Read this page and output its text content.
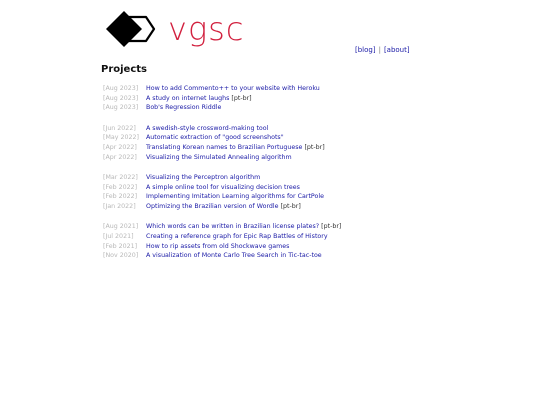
vgsc
[blog] | [about]
Projects
[Aug 2023] How to add Commento++ to your website with Heroku
[Aug 2023] A study on internet laughs [pt-br]
[Aug 2023] Bob's Regression Riddle
[Jun 2022] A swedish-style crossword-making tool
[May 2022] Automatic extraction of "good screenshots"
[Apr 2022] Translating Korean names to Brazilian Portuguese [pt-br]
[Apr 2022] Visualizing the Simulated Annealing algorithm
[Mar 2022] Visualizing the Perceptron algorithm
[Feb 2022] A simple online tool for visualizing decision trees
[Feb 2022] Implementing Imitation Learning algorithms for CartPole
[Jan 2022] Optimizing the Brazilian version of Wordle [pt-br]
[Aug 2021] Which words can be written in Brazilian license plates? [pt-br]
[Jul 2021] Creating a reference graph for Epic Rap Battles of History
[Feb 2021] How to rip assets from old Shockwave games
[Nov 2020] A visualization of Monte Carlo Tree Search in Tic-tac-toe
